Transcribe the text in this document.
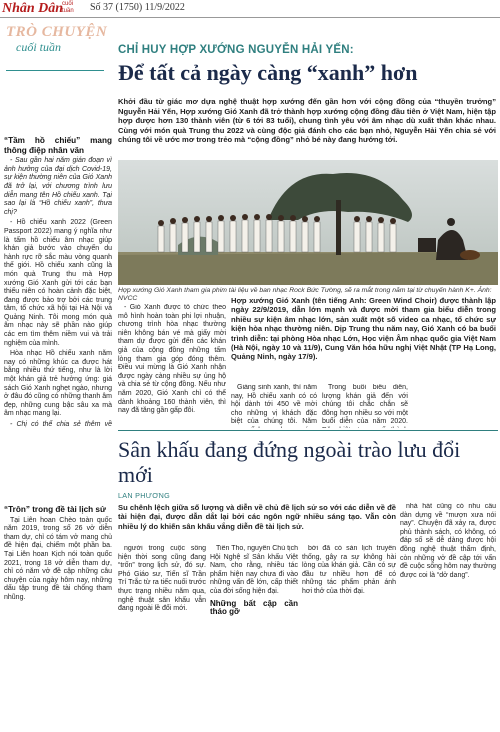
Nhân Dân
cuối tuần	Số 37 (1750) 11/9/2022
TRÒ CHUYỆN
cuối tuần	CHỈ HUY HỢP XƯỚNG NGUYỄN HẢI YẾN:
Để tất cả ngày càng “xanh” hơn
Khởi đầu từ giác mơ dựa nghệ thuật hợp xướng đến gần hơn với cộng đồng của “thuyền trưởng” Nguyễn Hải Yến, Hợp xướng Gió Xanh đã trở thành hợp xướng cộng đồng đầu tiên ở Việt Nam, hiện tập hợp được hơn 130 thành viên (từ 6 tới 83 tuổi), chung tình yêu với âm nhạc dù xuất thân khác nhau. Cùng với món quà Trung thu 2022 và cùng độc giả đánh cho các bạn nhỏ, Nguyễn Hải Yến chia sẻ với chúng tôi về ước mơ trong trẻo mà “cộng đồng” nhỏ bé này đang hướng tới.
Hợp xướng Gió Xanh tham gia phim tài liệu về ban nhạc Rock Bức Tường, sẽ ra mắt trong năm tại từ chuyến hành K+. Ảnh: NVCC
“Tầm hồ chiếu” mang thông điệp nhân văn

- Sau gần hai năm gián đoạn vì ảnh hưởng của đại dịch Covid-19, sự kiện thường niên của Gió Xanh đã trở lại, với chương trình lưu diễn mang tên Hồ chiếu xanh. Tại sao lại là “Hồ chiếu xanh”, thưa chị?

- Hồ chiếu xanh 2022 (Green Passport 2022) mang ý nghĩa như là tấm hồ chiếu âm nhạc giúp khán giả bước vào chuyến du hành rực rỡ sắc màu vòng quanh thế giới. Hồ chiếu xanh cũng là món quà Trung thu mà Hợp xướng Gió Xanh gửi tới các bạn thiếu niên có hoàn cảnh đặc biệt, đang được bảo trợ bởi các trung tâm, tổ chức xã hội tại Hà Nội và Quảng Ninh. Tôi mong món quà âm nhạc này sẽ phần nào giúp các em tìm thêm niềm vui và trải nghiệm của mình.

Hòa nhạc Hồ chiếu xanh năm nay có những khúc ca được hát bằng nhiều thứ tiếng, như là lời một khán giả trẻ hưởng ứng: giá sách Gió Xanh nghẹt ngào, nhưng ở đâu đó cũng có những thanh âm đẹp, những cung bậc sâu xa mà âm nhạc mang lại.

- Chị có thể chia sẻ thêm về

- Gió Xanh được tổ chức theo mô hình hoàn toàn phi lợi nhuận, chương trình hòa nhạc thường niên không bán vé mà giấy mời tham dự được gửi đến các khán giả của cộng đồng những tấm lòng tham gia góp đóng thêm. Điều vui mừng là Gió Xanh nhận được ngày càng nhiều sự ủng hộ và chia sẻ từ cộng đồng. Nếu như năm 2020, Gió Xanh chỉ có thể dành khoảng 160 thành viên, thì nay đã tăng gần gấp đôi.

Hợp xướng Gió Xanh (tên tiếng Anh: Green Wind Choir) được thành lập ngày 22/9/2019, dẫn lớn mạnh và được mời tham gia biểu diễn trong nhiều sự kiện âm nhạc lớn, sản xuất một số video ca nhạc, tổ chức sự kiện hòa nhạc thường niên. Dịp Trung thu năm nay, Gió Xanh có ba buổi trình diễn: tại phòng Hòa nhạc Lớn, Học viện Âm nhạc quốc gia Việt Nam (Hà Nội, ngày 10 và 11/9), Cung Văn hóa hữu nghị Việt Nhật (TP Hạ Long, Quảng Ninh, ngày 17/9).

Giảng sinh xanh, thì năm nay, Hồ chiếu xanh có có hội dành tới 450 về mời cho những vị khách đặc biệt của chúng tôi. Năm

Trong buổi biểu diễn, lượng khán giả đến với chúng tôi chắc chắn sẽ đông hơn nhiều so với một buổi diễn của năm 2020.

Sân khấu đang đứng ngoài trào lưu đổi mới
LAN PHƯƠNG
Su chênh lệch giữa số lượng và diễn về chủ đề lịch sử so với các diễn về đề tài hiện đại, được dẫn dắt lại bởi các ngôn ngữ nhiều sáng tạo. Vẫn còn nhiều lý do khiến sân khấu vắng diễn đề tài lịch sử.
“Trôn” trong đề tài lịch sử

Tại Liên hoan Chèo toàn quốc năm 2019, trong số 26 vở diễn tham dự, chỉ có tám vở mang chủ đề hiện đại, chiếm một phần ba. Tại Liên hoan Kịch nói toàn quốc 2021, trong 18 vở diễn tham dự, chỉ có năm vở đề cập những câu chuyện của ngày hôm nay, những dấu tập trung đề tài chống tham nhũng.

người trong cuộc sống hiện thời song cũng đang “trốn” trong lịch sử, đó sự. Phó Giáo sư, Tiến sĩ Trần Trí Trắc từ ra tiếc nuối trước thực trạng nhiều năm qua, nghệ thuật sân khấu vẫn đang ngoài lề đổi mới.

Tiến Tho, nguyên Chủ tịch Hội Nghệ sĩ Sân khấu Việt Nam, cho rằng, nhiều tác phẩm hiện nay chưa đi vào những vấn đề lớn, cấp thiết của đời sống hiện đại.

Những bất cập cần tháo gỡ

bởi đã có sản lịch truyền thống, gây ra sự không hài lòng của khán giả. Cần có sự đầu tư nhiều hơn để có những tác phẩm phản ánh hơi thở của thời đại.

nhà hát cũng có nhu cầu dàn dựng về “mượn xưa nói nay”. Chuyện đã xảy ra, được phủ thành sách, có không, có đáp số sẽ dễ dàng được hội đồng nghệ thuật thẩm định, còn những vở đề cập tới vấn đề cuộc sống hôm nay thường được coi là “dở dang”.
